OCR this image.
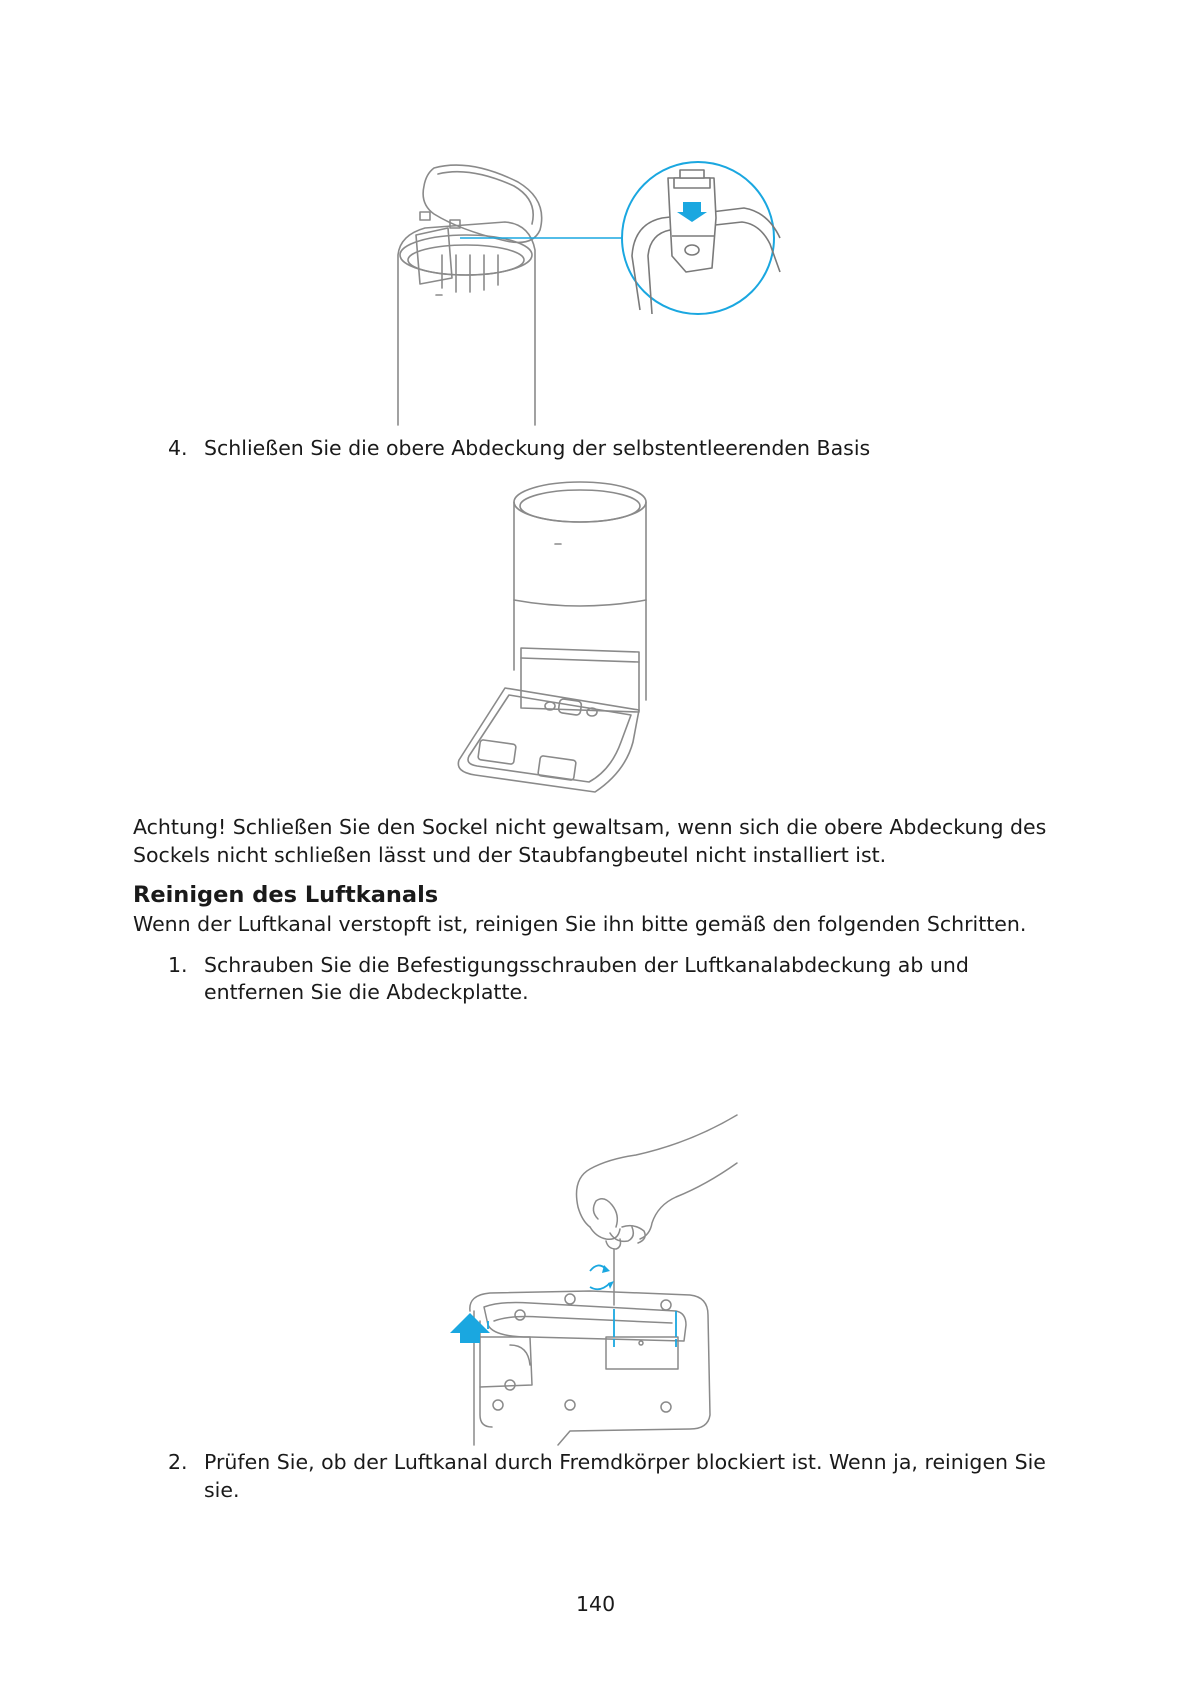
4. Schließen Sie die obere Abdeckung der selbstentleerenden Basis
Achtung! Schließen Sie den Sockel nicht gewaltsam, wenn sich die obere Abdeckung des
Sockels nicht schließen lässt und der Staubfangbeutel nicht installiert ist.
Reinigen des Luftkanals
Wenn der Luftkanal verstopft ist, reinigen Sie ihn bitte gemäß den folgenden Schritten.
1. Schrauben Sie die Befestigungsschrauben der Luftkanalabdeckung ab und
entfernen Sie die Abdeckplatte.
2. Prüfen Sie, ob der Luftkanal durch Fremdkörper blockiert ist. Wenn ja, reinigen Sie
sie.
140
